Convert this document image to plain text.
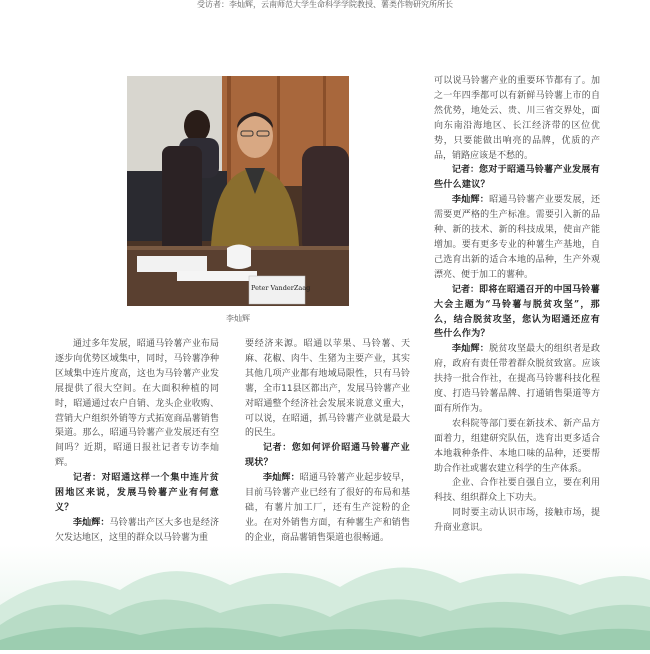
受访者：李灿辉，云南师范大学生命科学学院教授、薯类作物研究所所长
Peter VanderZaag
李灿辉

通过多年发展，昭通马铃薯产业布局逐步向优势区域集中，同时，马铃薯净种区域集中连片度高，这也为马铃薯产业发展提供了很大空间。在大面积种植的同时，昭通通过农户自销、龙头企业收购、营销大户组织外销等方式拓宽商品薯销售渠道。那么，昭通马铃薯产业发展还有空间吗？近期，昭通日报社记者专访李灿辉。

记者：对昭通这样一个集中连片贫困地区来说，发展马铃薯产业有何意义？

李灿辉：马铃薯出产区大多也是经济欠发达地区，这里的群众以马铃薯为重

要经济来源。昭通以苹果、马铃薯、天麻、花椒、肉牛、生猪为主要产业，其实其他几项产业都有地域局限性，只有马铃薯，全市11县区都出产，发展马铃薯产业对昭通整个经济社会发展来说意义重大，可以说，在昭通，抓马铃薯产业就是最大的民生。

记者：您如何评价昭通马铃薯产业现状？

李灿辉：昭通马铃薯产业起步较早，目前马铃薯产业已经有了很好的布局和基础，有薯片加工厂，还有生产淀粉的企业。在对外销售方面，有种薯生产和销售的企业，商品薯销售渠道也很畅通。

可以说马铃薯产业的重要环节都有了。加之一年四季都可以有新鲜马铃薯上市的自然优势，地处云、贵、川三省交界处，面向东南沿海地区、长江经济带的区位优势，只要能做出响亮的品牌，优质的产品，销路应该是不愁的。

记者：您对于昭通马铃薯产业发展有些什么建议？

李灿辉：昭通马铃薯产业要发展，还需要更严格的生产标准。需要引入新的品种、新的技术、新的科技成果，使亩产能增加。要有更多专业的种薯生产基地，自己选育出新的适合本地的品种，生产外观漂亮、便于加工的薯种。

记者：即将在昭通召开的中国马铃薯大会主题为“马铃薯与脱贫攻坚”，那么，结合脱贫攻坚，您认为昭通还应有些什么作为？

李灿辉：脱贫攻坚最大的组织者是政府，政府有责任带着群众脱贫致富。应该扶持一批合作社，在提高马铃薯科技化程度、打造马铃薯品牌、打通销售渠道等方面有所作为。

农科院等部门要在新技术、新产品方面着力，组建研究队伍，选育出更多适合本地栽种条件、本地口味的品种，还要帮助合作社或薯农建立科学的生产体系。

企业、合作社要自强自立，要在利用科技、组织群众上下功夫。

同时要主动认识市场，接触市场，提升商业意识。
